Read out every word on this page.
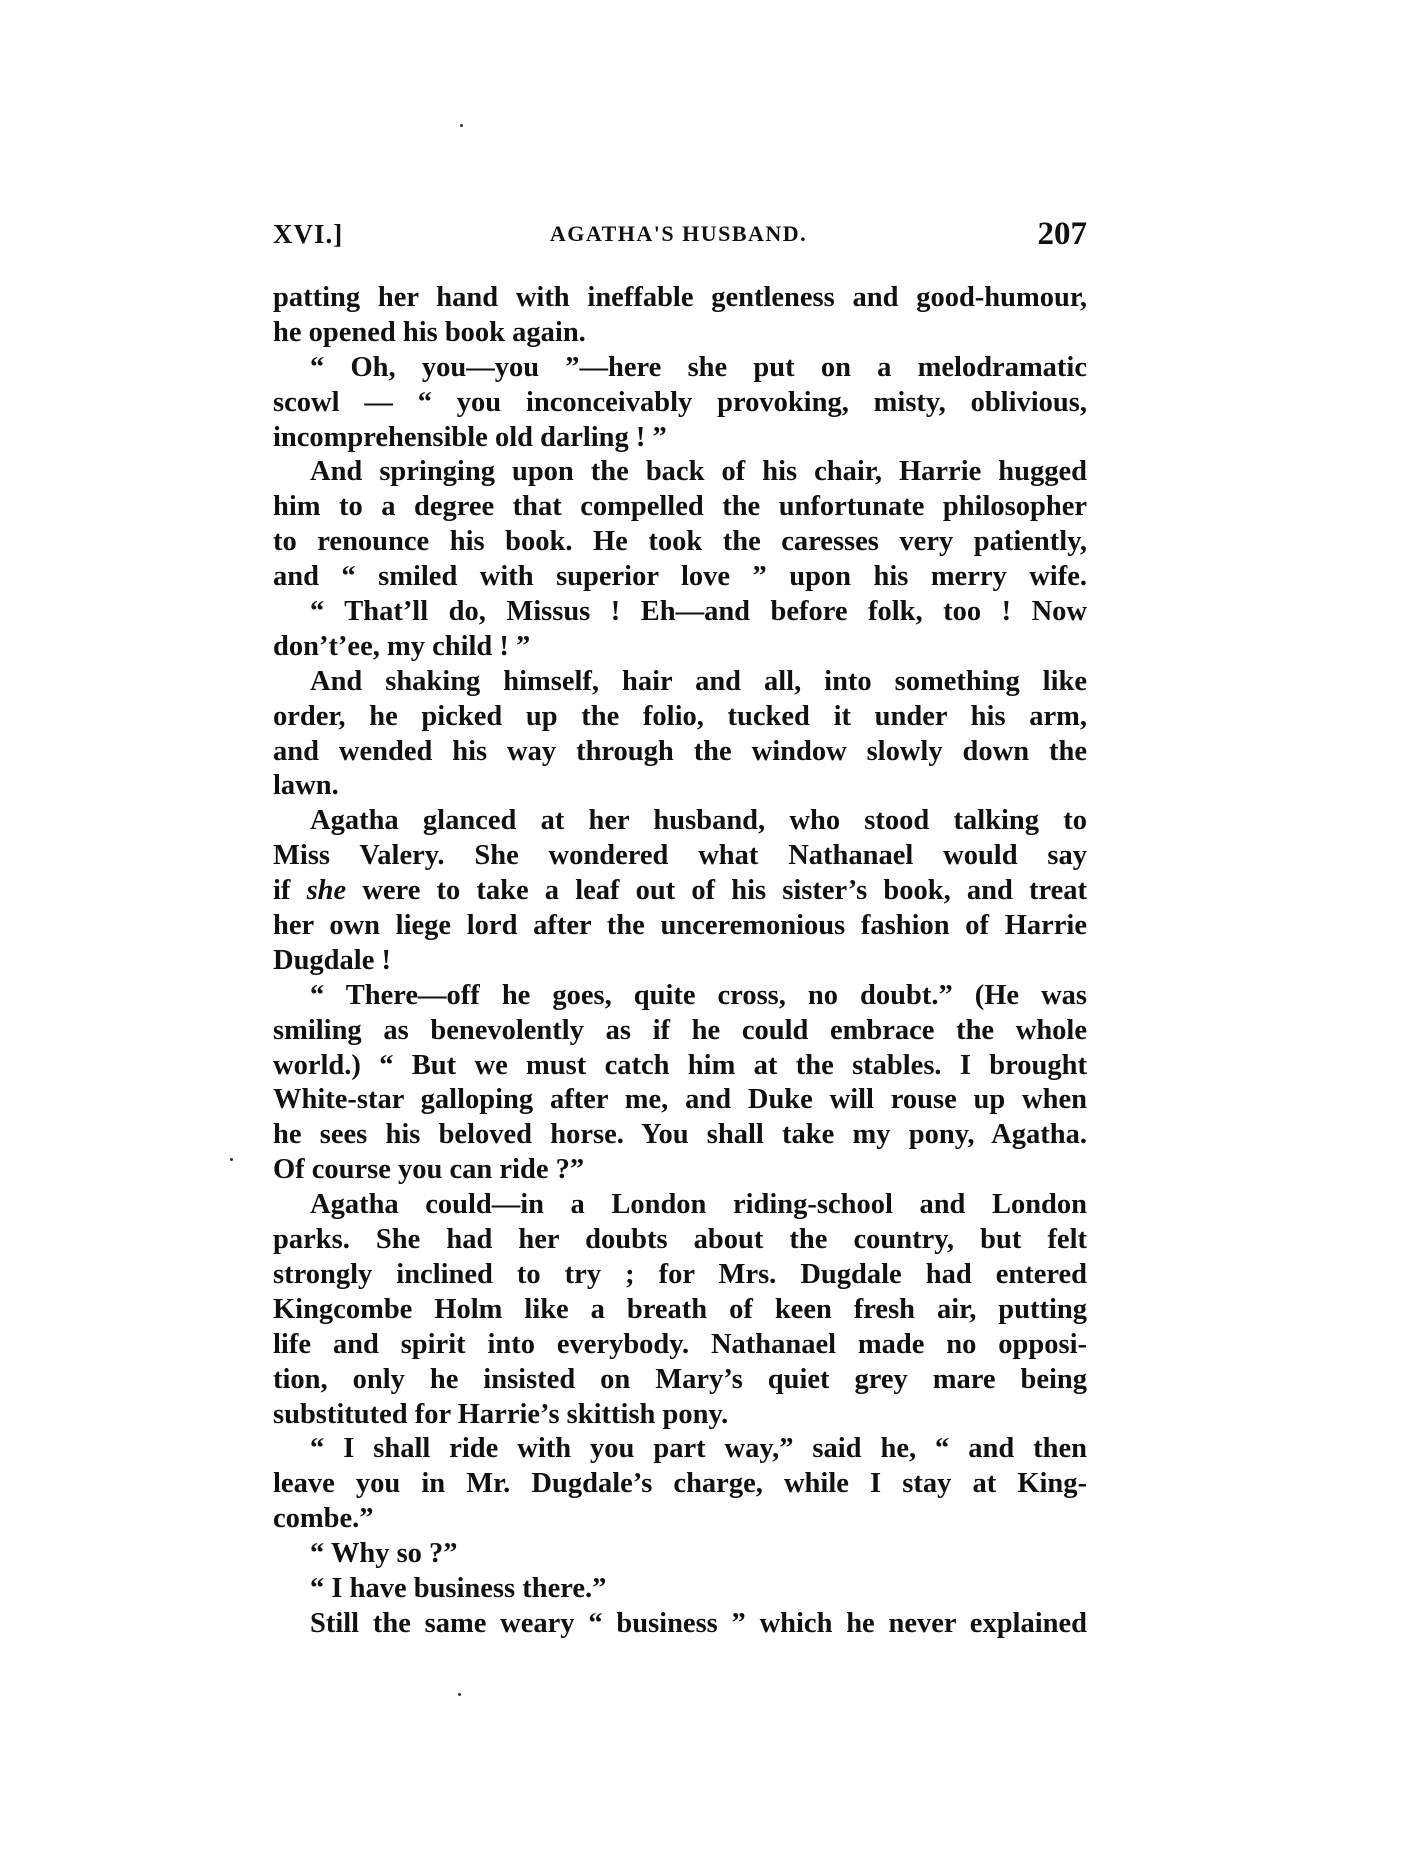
XVI.]	AGATHA'S HUSBAND.	207
patting her hand with ineffable gentleness and good-humour,
he opened his book again.
“ Oh, you—you ”—here she put on a melodramatic
scowl — “ you inconceivably provoking, misty, oblivious,
incomprehensible old darling ! ”
And springing upon the back of his chair, Harrie hugged
him to a degree that compelled the unfortunate philosopher
to renounce his book. He took the caresses very patiently,
and “ smiled with superior love ” upon his merry wife.
“ That’ll do, Missus ! Eh—and before folk, too ! Now
don’t’ee, my child ! ”
And shaking himself, hair and all, into something like
order, he picked up the folio, tucked it under his arm,
and wended his way through the window slowly down the
lawn.
Agatha glanced at her husband, who stood talking to
Miss Valery. She wondered what Nathanael would say
if she were to take a leaf out of his sister’s book, and treat
her own liege lord after the unceremonious fashion of Harrie
Dugdale !
“ There—off he goes, quite cross, no doubt.” (He was
smiling as benevolently as if he could embrace the whole
world.) “ But we must catch him at the stables. I brought
White-star galloping after me, and Duke will rouse up when
he sees his beloved horse. You shall take my pony, Agatha.
Of course you can ride ?”
Agatha could—in a London riding-school and London
parks. She had her doubts about the country, but felt
strongly inclined to try ; for Mrs. Dugdale had entered
Kingcombe Holm like a breath of keen fresh air, putting
life and spirit into everybody. Nathanael made no opposi-
tion, only he insisted on Mary’s quiet grey mare being
substituted for Harrie’s skittish pony.
“ I shall ride with you part way,” said he, “ and then
leave you in Mr. Dugdale’s charge, while I stay at King-
combe.”
“ Why so ?”
“ I have business there.”
Still the same weary “ business ” which he never explained
